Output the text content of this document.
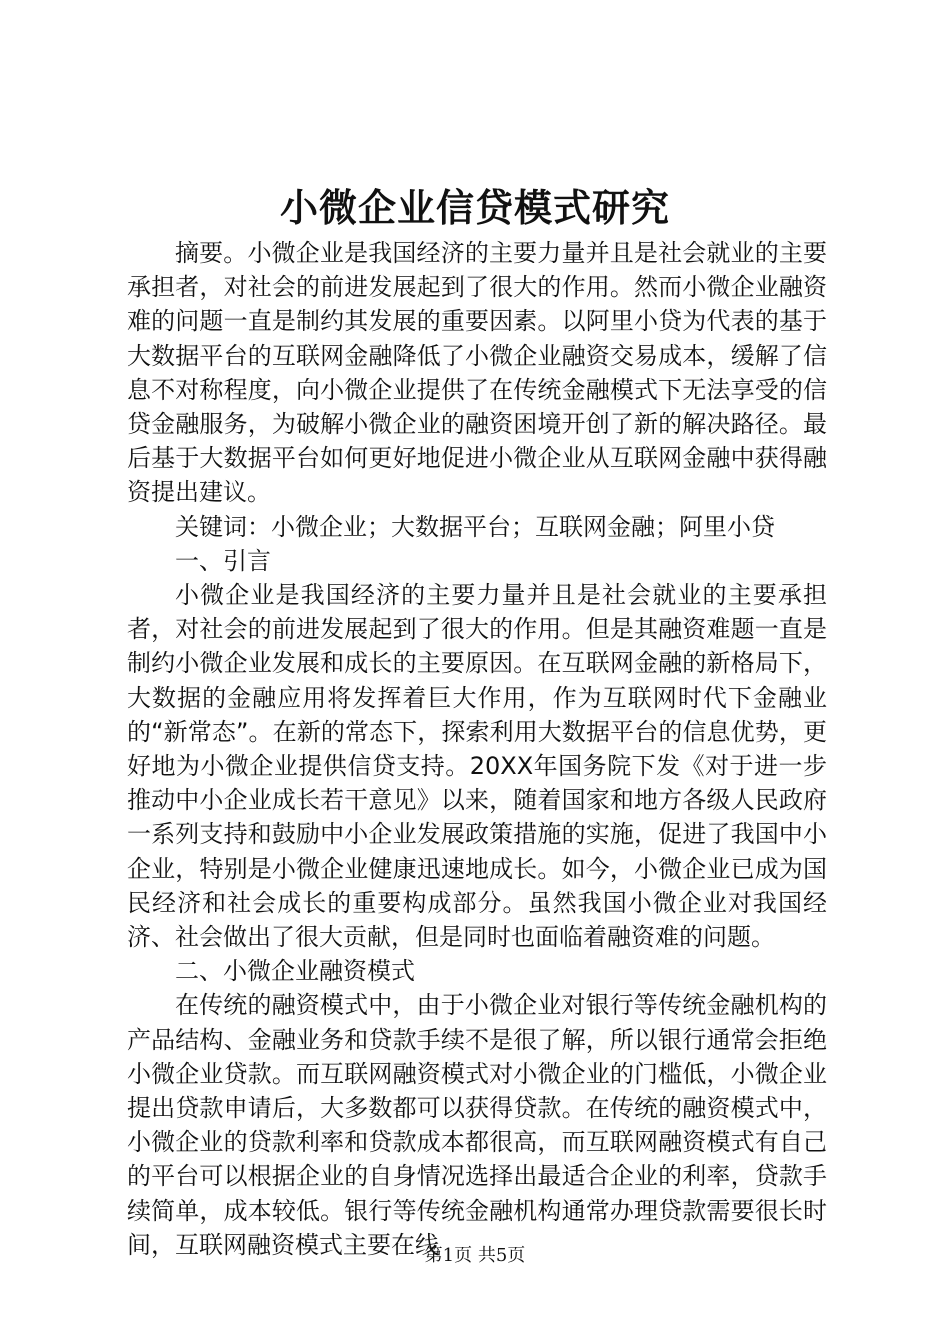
小微企业信贷模式研究

摘要。小微企业是我国经济的主要力量并且是社会就业的主要承担者，对社会的前进发展起到了很大的作用。然而小微企业融资难的问题一直是制约其发展的重要因素。以阿里小贷为代表的基于大数据平台的互联网金融降低了小微企业融资交易成本，缓解了信息不对称程度，向小微企业提供了在传统金融模式下无法享受的信贷金融服务，为破解小微企业的融资困境开创了新的解决路径。最后基于大数据平台如何更好地促进小微企业从互联网金融中获得融资提出建议。

关键词：小微企业；大数据平台；互联网金融；阿里小贷

一、引言

小微企业是我国经济的主要力量并且是社会就业的主要承担者，对社会的前进发展起到了很大的作用。但是其融资难题一直是制约小微企业发展和成长的主要原因。在互联网金融的新格局下，大数据的金融应用将发挥着巨大作用，作为互联网时代下金融业的“新常态”。在新的常态下，探索利用大数据平台的信息优势，更好地为小微企业提供信贷支持。20XX年国务院下发《对于进一步推动中小企业成长若干意见》以来，随着国家和地方各级人民政府一系列支持和鼓励中小企业发展政策措施的实施，促进了我国中小企业，特别是小微企业健康迅速地成长。如今，小微企业已成为国民经济和社会成长的重要构成部分。虽然我国小微企业对我国经济、社会做出了很大贡献，但是同时也面临着融资难的问题。

二、小微企业融资模式

在传统的融资模式中，由于小微企业对银行等传统金融机构的产品结构、金融业务和贷款手续不是很了解，所以银行通常会拒绝小微企业贷款。而互联网融资模式对小微企业的门槛低，小微企业提出贷款申请后，大多数都可以获得贷款。在传统的融资模式中，小微企业的贷款利率和贷款成本都很高，而互联网融资模式有自己的平台可以根据企业的自身情况选择出最适合企业的利率，贷款手续简单，成本较低。银行等传统金融机构通常办理贷款需要很长时间，互联网融资模式主要在线

第1页 共5页
